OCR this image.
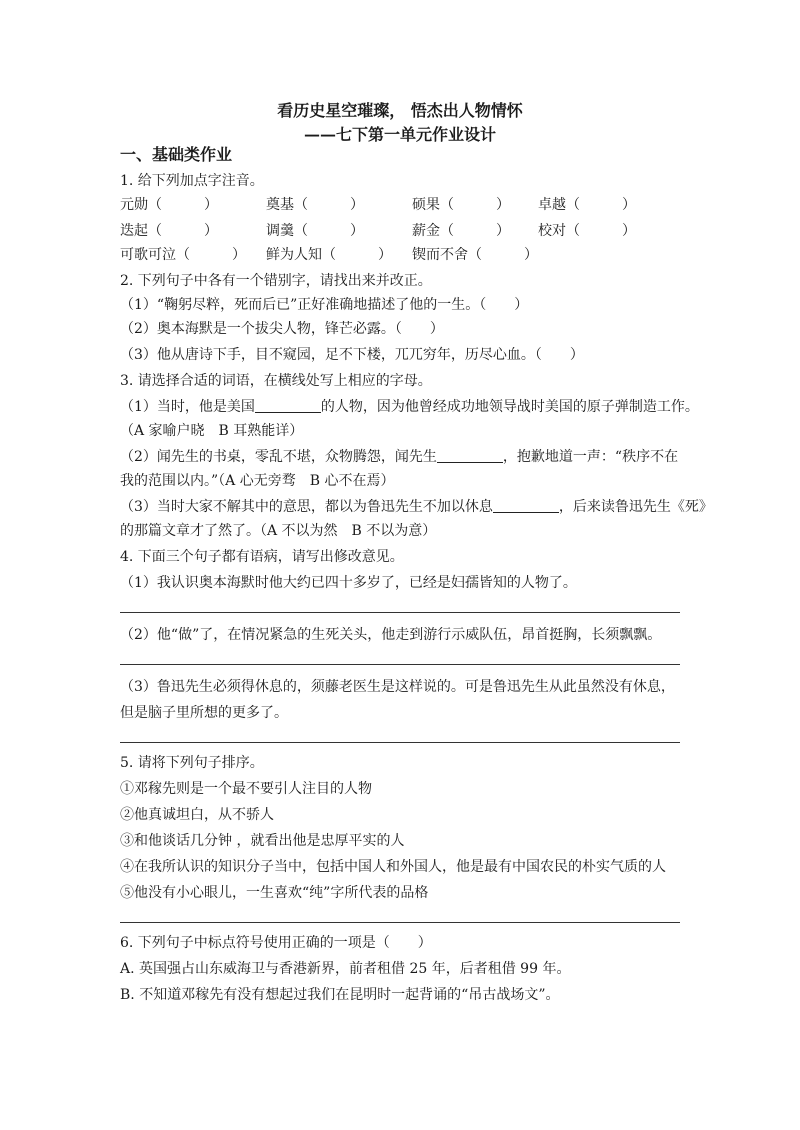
看历史星空璀璨， 悟杰出人物情怀
——七下第一单元作业设计
一、基础类作业
1. 给下列加点字注音。
元勋（　　　）	奠基（　　　）	硕果（　　　） 卓越（　　　）
迭起（　　　）	调羹（　　　）	薪金（　　　） 校对（　　　）
可歌可泣（　　　） 鲜为人知（　　　） 锲而不舍（　　　）
2. 下列句子中各有一个错别字，请找出来并改正。
（1）“鞠躬尽粹，死而后已”正好准确地描述了他的一生。（　　）
（2）奥本海默是一个拔尖人物，锋芒必露。（　　）
（3）他从唐诗下手，目不窥园，足不下楼，兀兀穷年，历尽心血。（　　）
3. 请选择合适的词语，在横线处写上相应的字母。
（1）当时，他是美国	的人物，因为他曾经成功地领导战时美国的原子弹制造工作。
（A 家喻户晓　B 耳熟能详）
（2）闻先生的书桌，零乱不堪，众物腾怨，闻先生	，抱歉地道一声：“秩序不在
我的范围以内。”（A 心无旁骛　B 心不在焉）
（3）当时大家不解其中的意思，都以为鲁迅先生不加以休息	，后来读鲁迅先生《死》
的那篇文章才了然了。（A 不以为然　B 不以为意）
4. 下面三个句子都有语病，请写出修改意见。
（1）我认识奥本海默时他大约已四十多岁了，已经是妇孺皆知的人物了。
（2）他“做”了，在情况紧急的生死关头，他走到游行示威队伍，昂首挺胸，长须飘飘。
（3）鲁迅先生必须得休息的，须藤老医生是这样说的。可是鲁迅先生从此虽然没有休息，
但是脑子里所想的更多了。
5. 请将下列句子排序。
①邓稼先则是一个最不要引人注目的人物
②他真诚坦白，从不骄人
③和他谈话几分钟 ，就看出他是忠厚平实的人
④在我所认识的知识分子当中，包括中国人和外国人，他是最有中国农民的朴实气质的人
⑤他没有小心眼儿，一生喜欢“纯”字所代表的品格
6. 下列句子中标点符号使用正确的一项是（　　）
A. 英国强占山东威海卫与香港新界，前者租借 25 年，后者租借 99 年。
B. 不知道邓稼先有没有想起过我们在昆明时一起背诵的“吊古战场文”。
